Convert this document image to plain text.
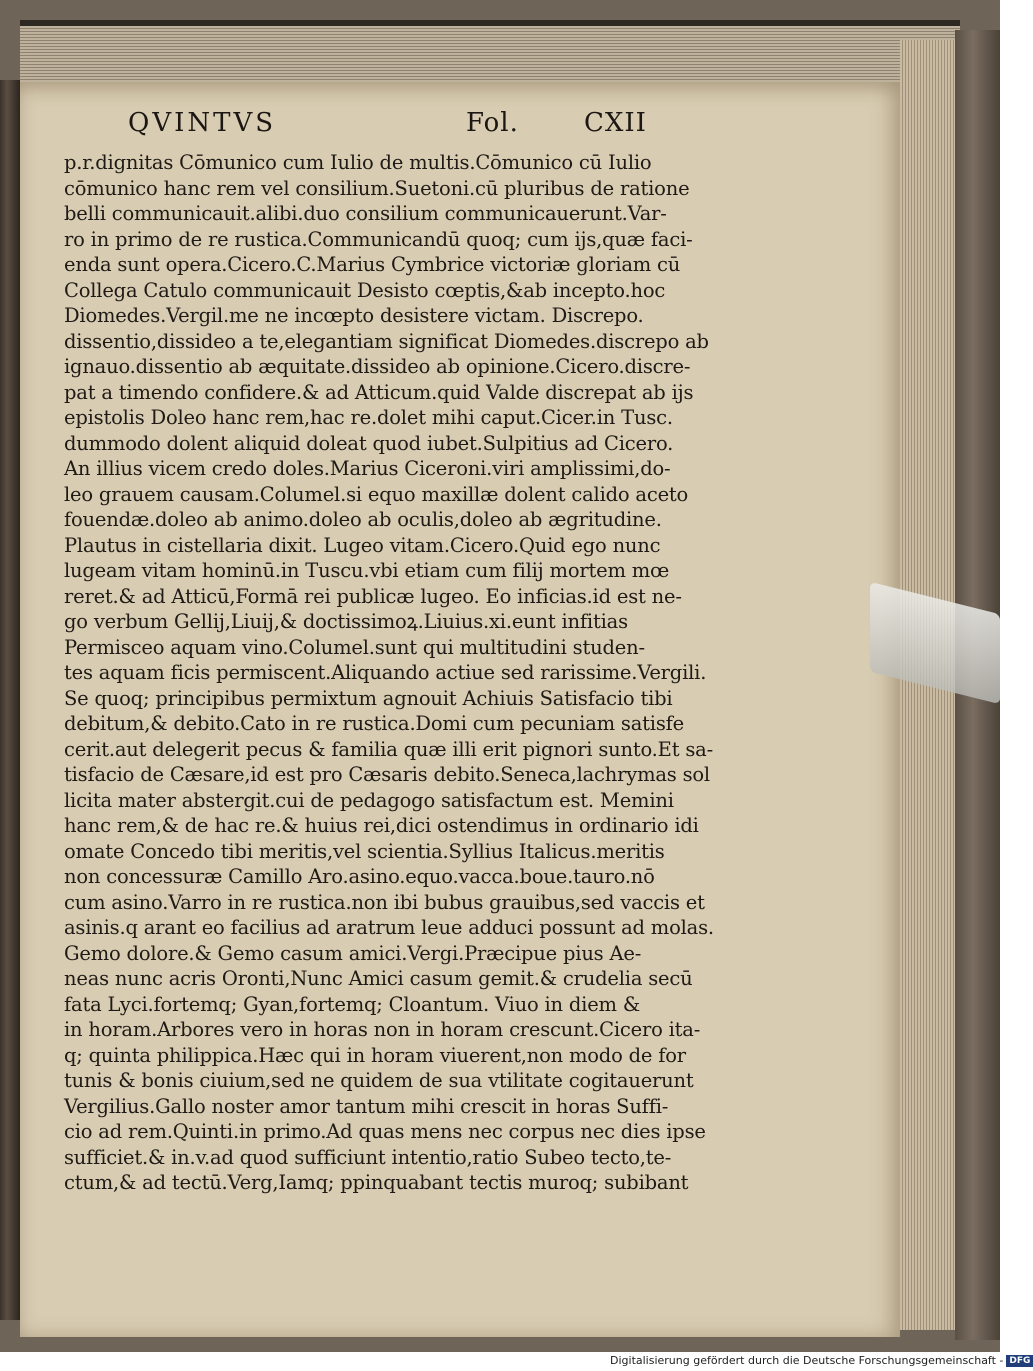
QVINTVS	Fol.	CXII
p.r.dignitas Cōmunico cum Iulio de multis.Cōmunico cū Iulio
cōmunico hanc rem vel consilium.Suetoni.cū pluribus de ratione
belli communicauit.alibi.duo consilium communicauerunt.Var-
ro in primo de re rustica.Communicandū quoq; cum ijs,quæ faci-
enda sunt opera.Cicero.C.Marius Cymbrice victoriæ gloriam cū
Collega Catulo communicauit Desisto cœptis,&ab incepto.hoc
Diomedes.Vergil.me ne incœpto desistere victam. Discrepo.
dissentio,dissideo a te,elegantiam significat Diomedes.discrepo ab
ignauo.dissentio ab æquitate.dissideo ab opinione.Cicero.discre-
pat a timendo confidere.& ad Atticum.quid Valde discrepat ab ijs
epistolis Doleo hanc rem,hac re.dolet mihi caput.Cicer.in Tusc.
dummodo dolent aliquid doleat quod iubet.Sulpitius ad Cicero.
An illius vicem credo doles.Marius Ciceroni.viri amplissimi,do-
leo grauem causam.Columel.si equo maxillæ dolent calido aceto
fouendæ.doleo ab animo.doleo ab oculis,doleo ab ægritudine.
Plautus in cistellaria dixit. Lugeo vitam.Cicero.Quid ego nunc
lugeam vitam hominū.in Tuscu.vbi etiam cum filij mortem mœ
reret.& ad Atticū,Formā rei publicæ lugeo. Eo inficias.id est ne-
go verbum Gellij,Liuij,& doctissimoꝝ.Liuius.xi.eunt infitias
Permisceo aquam vino.Columel.sunt qui multitudini studen-
tes aquam ficis permiscent.Aliquando actiue sed rarissime.Vergili.
Se quoq; principibus permixtum agnouit Achiuis Satisfacio tibi
debitum,& debito.Cato in re rustica.Domi cum pecuniam satisfe
cerit.aut delegerit pecus & familia quæ illi erit pignori sunto.Et sa-
tisfacio de Cæsare,id est pro Cæsaris debito.Seneca,lachrymas sol
licita mater abstergit.cui de pedagogo satisfactum est. Memini
hanc rem,& de hac re.& huius rei,dici ostendimus in ordinario idi
omate Concedo tibi meritis,vel scientia.Syllius Italicus.meritis
non concessuræ Camillo Aro.asino.equo.vacca.boue.tauro.nō
cum asino.Varro in re rustica.non ibi bubus grauibus,sed vaccis et
asinis.q arant eo facilius ad aratrum leue adduci possunt ad molas.
Gemo dolore.& Gemo casum amici.Vergi.Præcipue pius Ae-
neas nunc acris Oronti,Nunc Amici casum gemit.& crudelia secū
fata Lyci.fortemq; Gyan,fortemq; Cloantum. Viuo in diem &
in horam.Arbores vero in horas non in horam crescunt.Cicero ita-
q; quinta philippica.Hæc qui in horam viuerent,non modo de for
tunis & bonis ciuium,sed ne quidem de sua vtilitate cogitauerunt
Vergilius.Gallo noster amor tantum mihi crescit in horas Suffi-
cio ad rem.Quinti.in primo.Ad quas mens nec corpus nec dies ipse
sufficiet.& in.v.ad quod sufficiunt intentio,ratio Subeo tecto,te-
ctum,& ad tectū.Verg,Iamq; ppinquabant tectis muroq; subibant
Digitalisierung gefördert durch die Deutsche Forschungsgemeinschaft - DFG
